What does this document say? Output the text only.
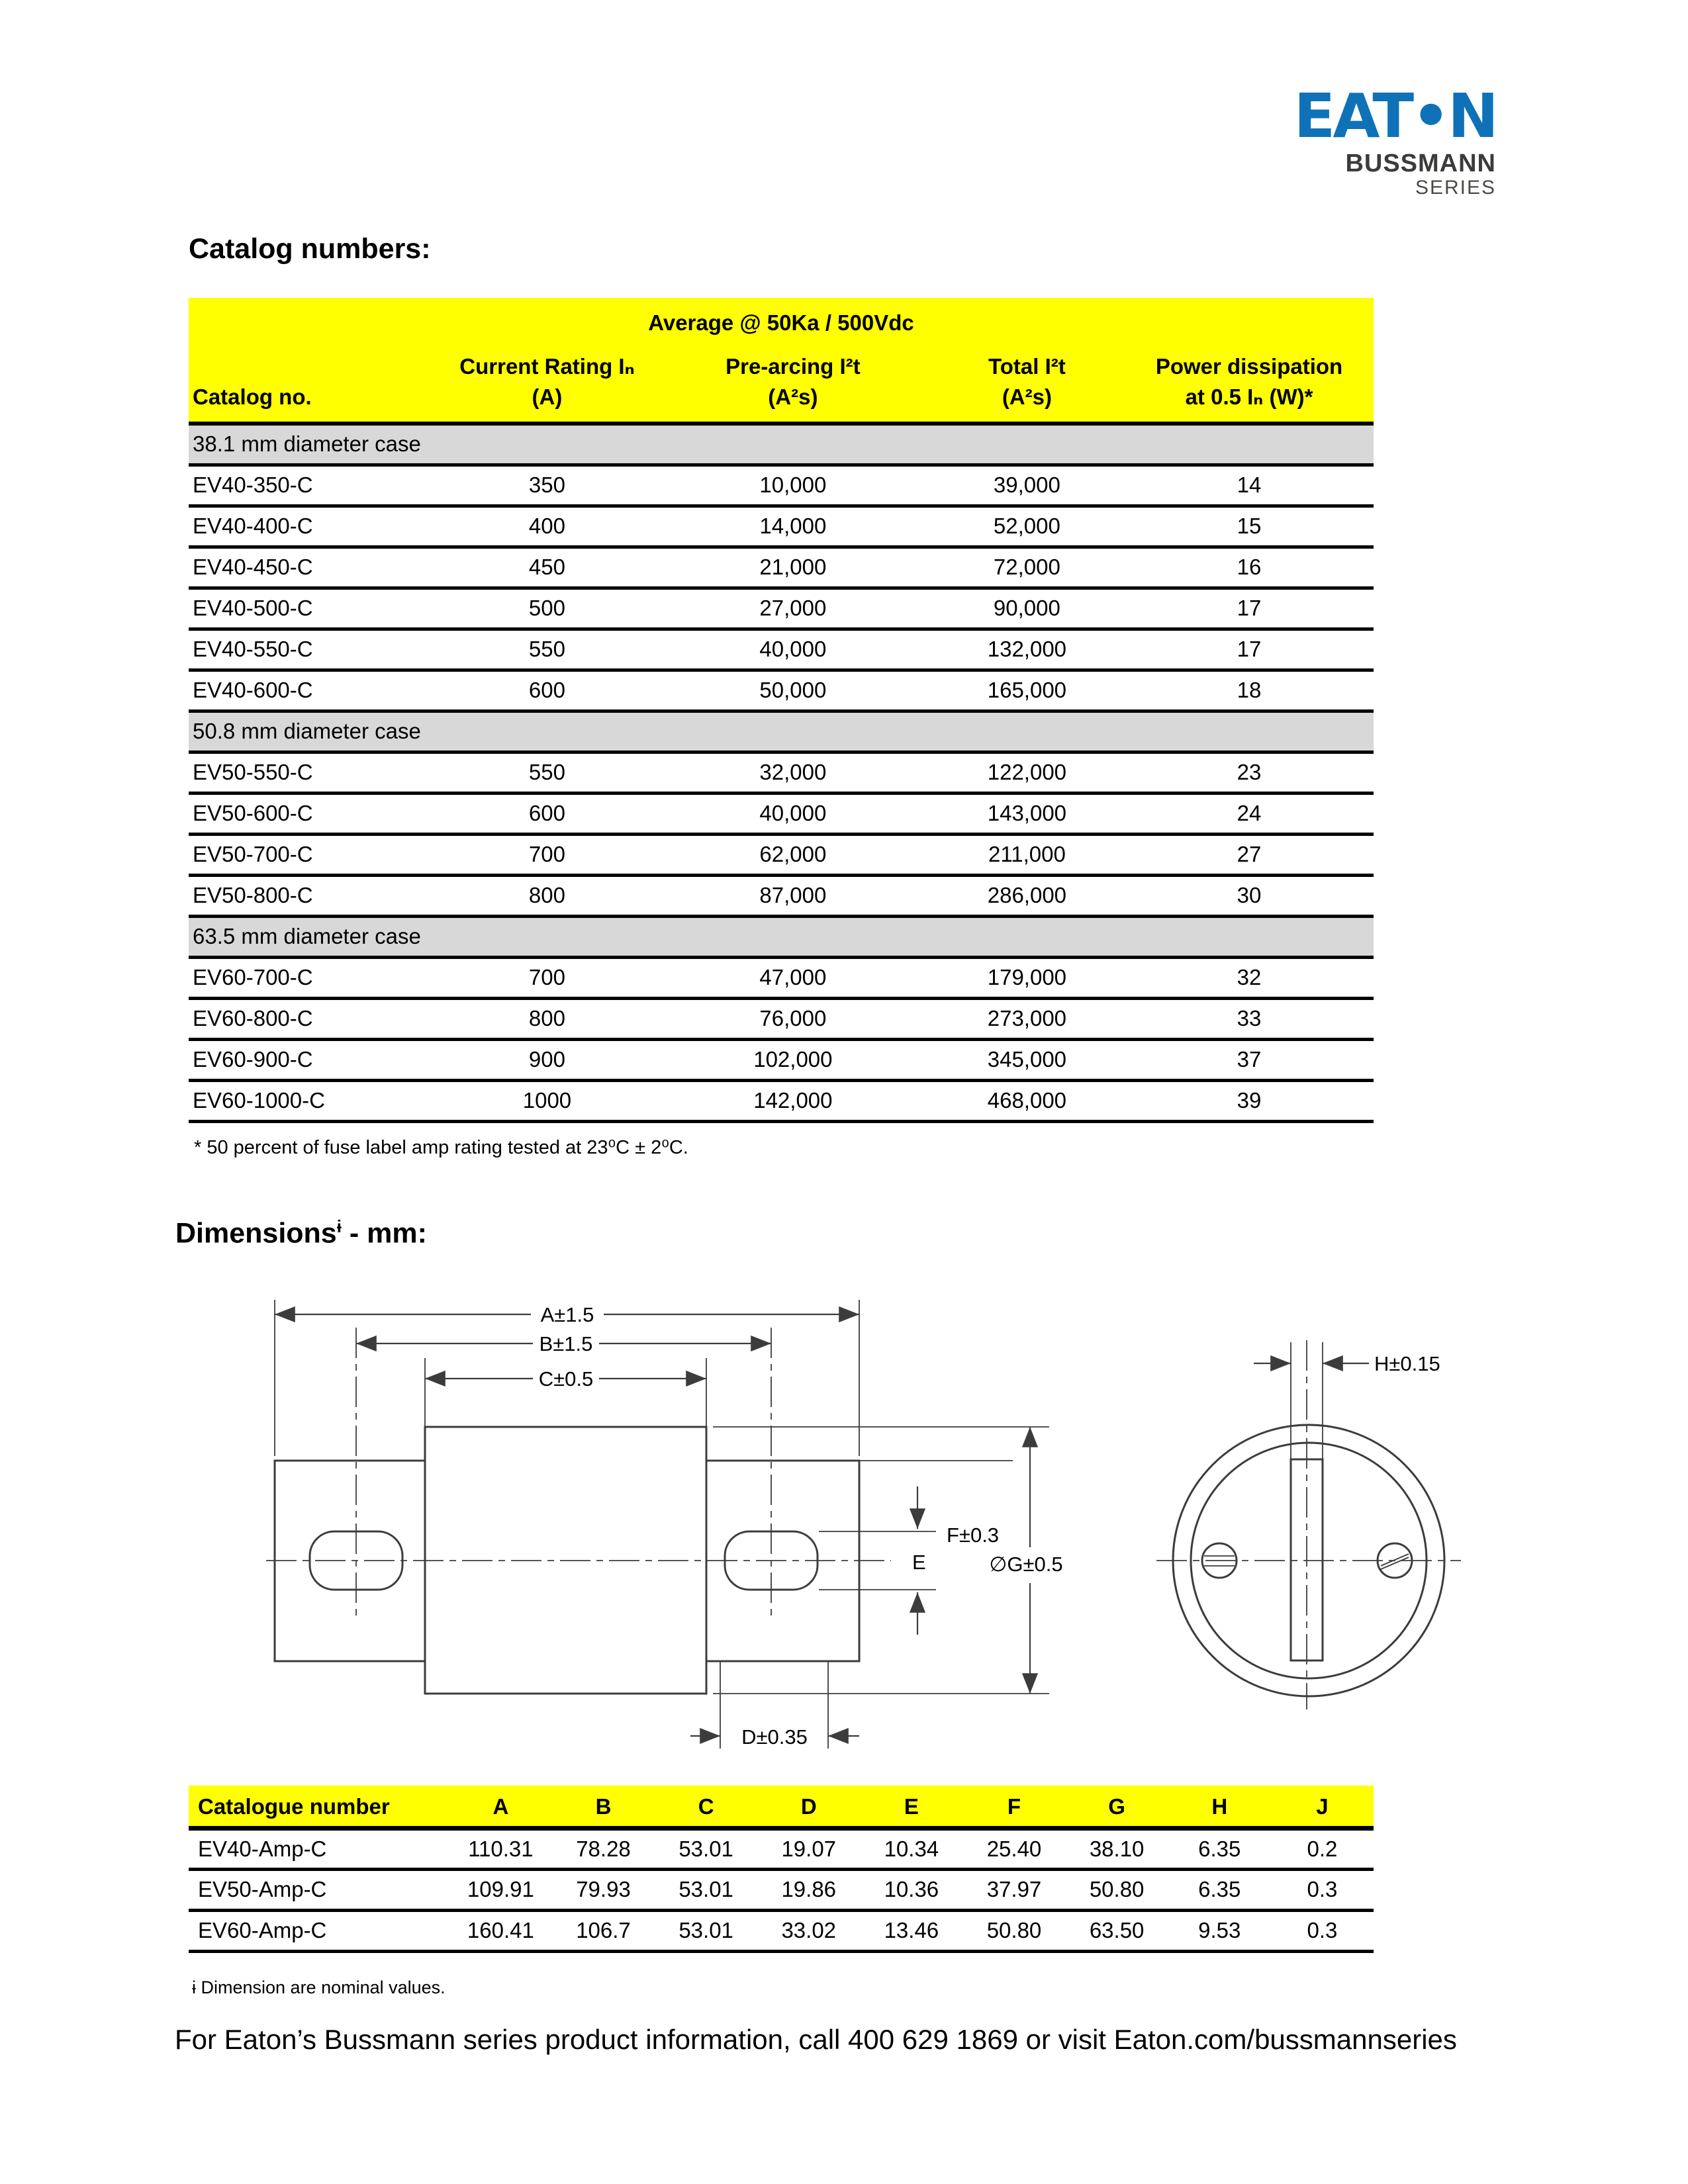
EAT•N
BUSSMANN
SERIES
Catalog numbers:
Average @ 50Ka / 500Vdc				
Catalog no.	
Current Rating Iₙ
(A)

Pre-arcing I²t
(A²s)

Total I²t
(A²s)

Power dissipation
at 0.5 Iₙ (W)*

38.1 mm diameter case				
EV40-350-C	350	10,000	39,000	14
EV40-400-C	400	14,000	52,000	15
EV40-450-C	450	21,000	72,000	16
EV40-500-C	500	27,000	90,000	17
EV40-550-C	550	40,000	132,000	17
EV40-600-C	600	50,000	165,000	18
50.8 mm diameter case				
EV50-550-C	550	32,000	122,000	23
EV50-600-C	600	40,000	143,000	24
EV50-700-C	700	62,000	211,000	27
EV50-800-C	800	87,000	286,000	30
63.5 mm diameter case				
EV60-700-C	700	47,000	179,000	32
EV60-800-C	800	76,000	273,000	33
EV60-900-C	900	102,000	345,000	37
EV60-1000-C	1000	142,000	468,000	39
* 50 percent of fuse label amp rating tested at 23⁰C ± 2⁰C.
Dimensions$^ɨ$ - mm:
A±1.5
B±1.5
C±0.5
F±0.3
E	∅G±0.5
D±0.35
H±0.15
Catalogue number	A	B	C	D	E	F	G	H	J
EV40-Amp-C	110.31	78.28	53.01	19.07	10.34	25.40	38.10	6.35	0.2
EV50-Amp-C	109.91	79.93	53.01	19.86	10.36	37.97	50.80	6.35	0.3
EV60-Amp-C	160.41	106.7	53.01	33.02	13.46	50.80	63.50	9.53	0.3
ɨ Dimension are nominal values.
For Eaton’s Bussmann series product information, call 400 629 1869 or visit Eaton.com/bussmannseries
